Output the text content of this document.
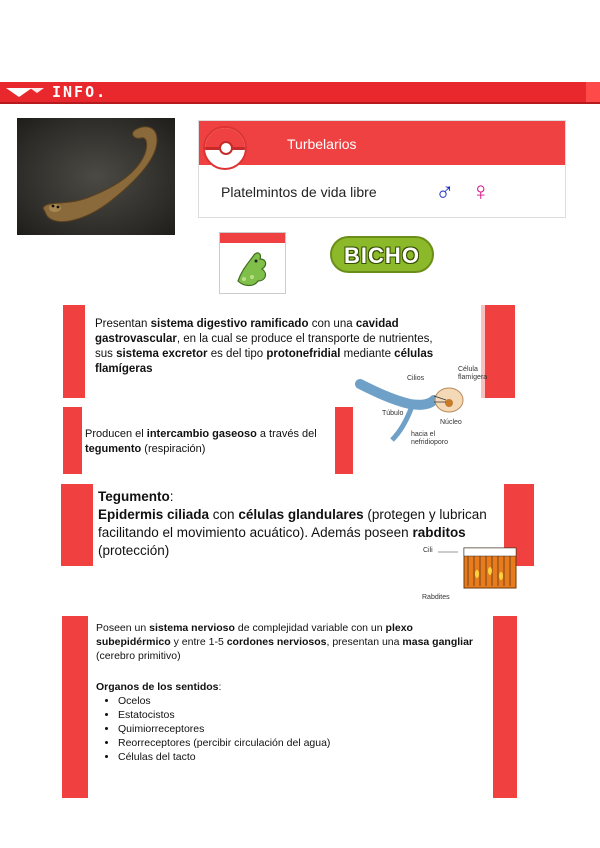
INFO.
Turbelarios
Platelmintos de vida libre ♂ ♀
BICHO
Presentan sistema digestivo ramificado con una cavidad gastrovascular, en la cual se produce el transporte de nutrientes, sus sistema excretor es del tipo protonefridial mediante células flamígeras
Cilios
Célula
flamígera
Túbulo
Núcleo
hacia el
nefridioporo
Producen el intercambio gaseoso a través del tegumento (respiración)
Tegumento:
Epidermis ciliada con células glandulares (protegen y lubrican facilitando el movimiento acuático). Además poseen rabditos (protección)	Cili
Rabdites
Poseen un sistema nervioso de complejidad variable con un plexo subepidérmico y entre 1-5 cordones nerviosos, presentan una masa gangliar (cerebro primitivo)
Organos de los sentidos:
• Ocelos
• Estatocistos
• Quimiorreceptores
• Reorreceptores (percibir circulación del agua)
• Células del tacto
